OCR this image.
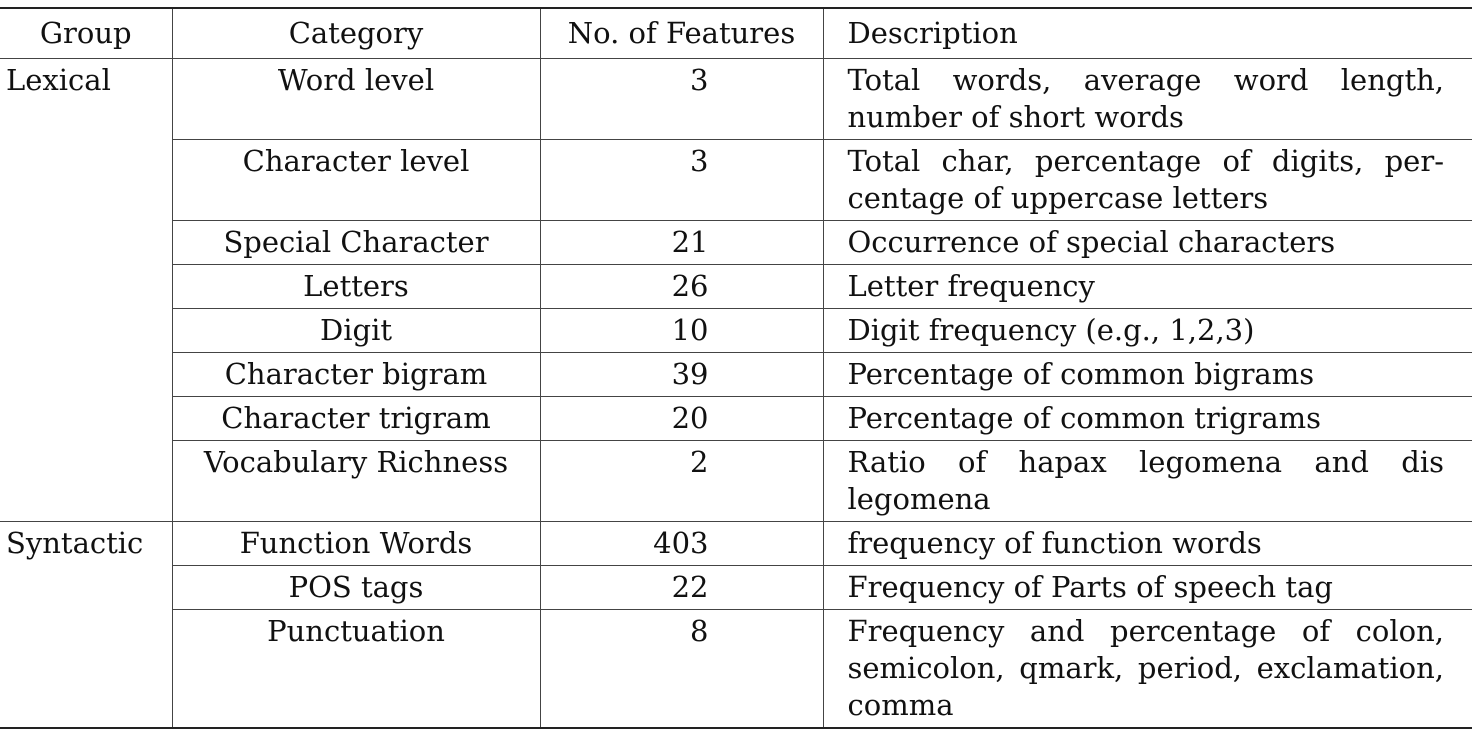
Group	Category	No. of Features	Description
Lexical	Word level	3	Total words, average word length, number of short words
	Character level	3	Total char, percentage of digits, per-centage of uppercase letters
	Special Character	21	Occurrence of special characters
	Letters	26	Letter frequency
	Digit	10	Digit frequency (e.g., 1,2,3)
	Character bigram	39	Percentage of common bigrams
	Character trigram	20	Percentage of common trigrams
	Vocabulary Richness	2	Ratio of hapax legomena and dis legomena
Syntactic	Function Words	403	frequency of function words
	POS tags	22	Frequency of Parts of speech tag
	Punctuation	8	Frequency and percentage of colon, semicolon, qmark, period, exclamation, comma
